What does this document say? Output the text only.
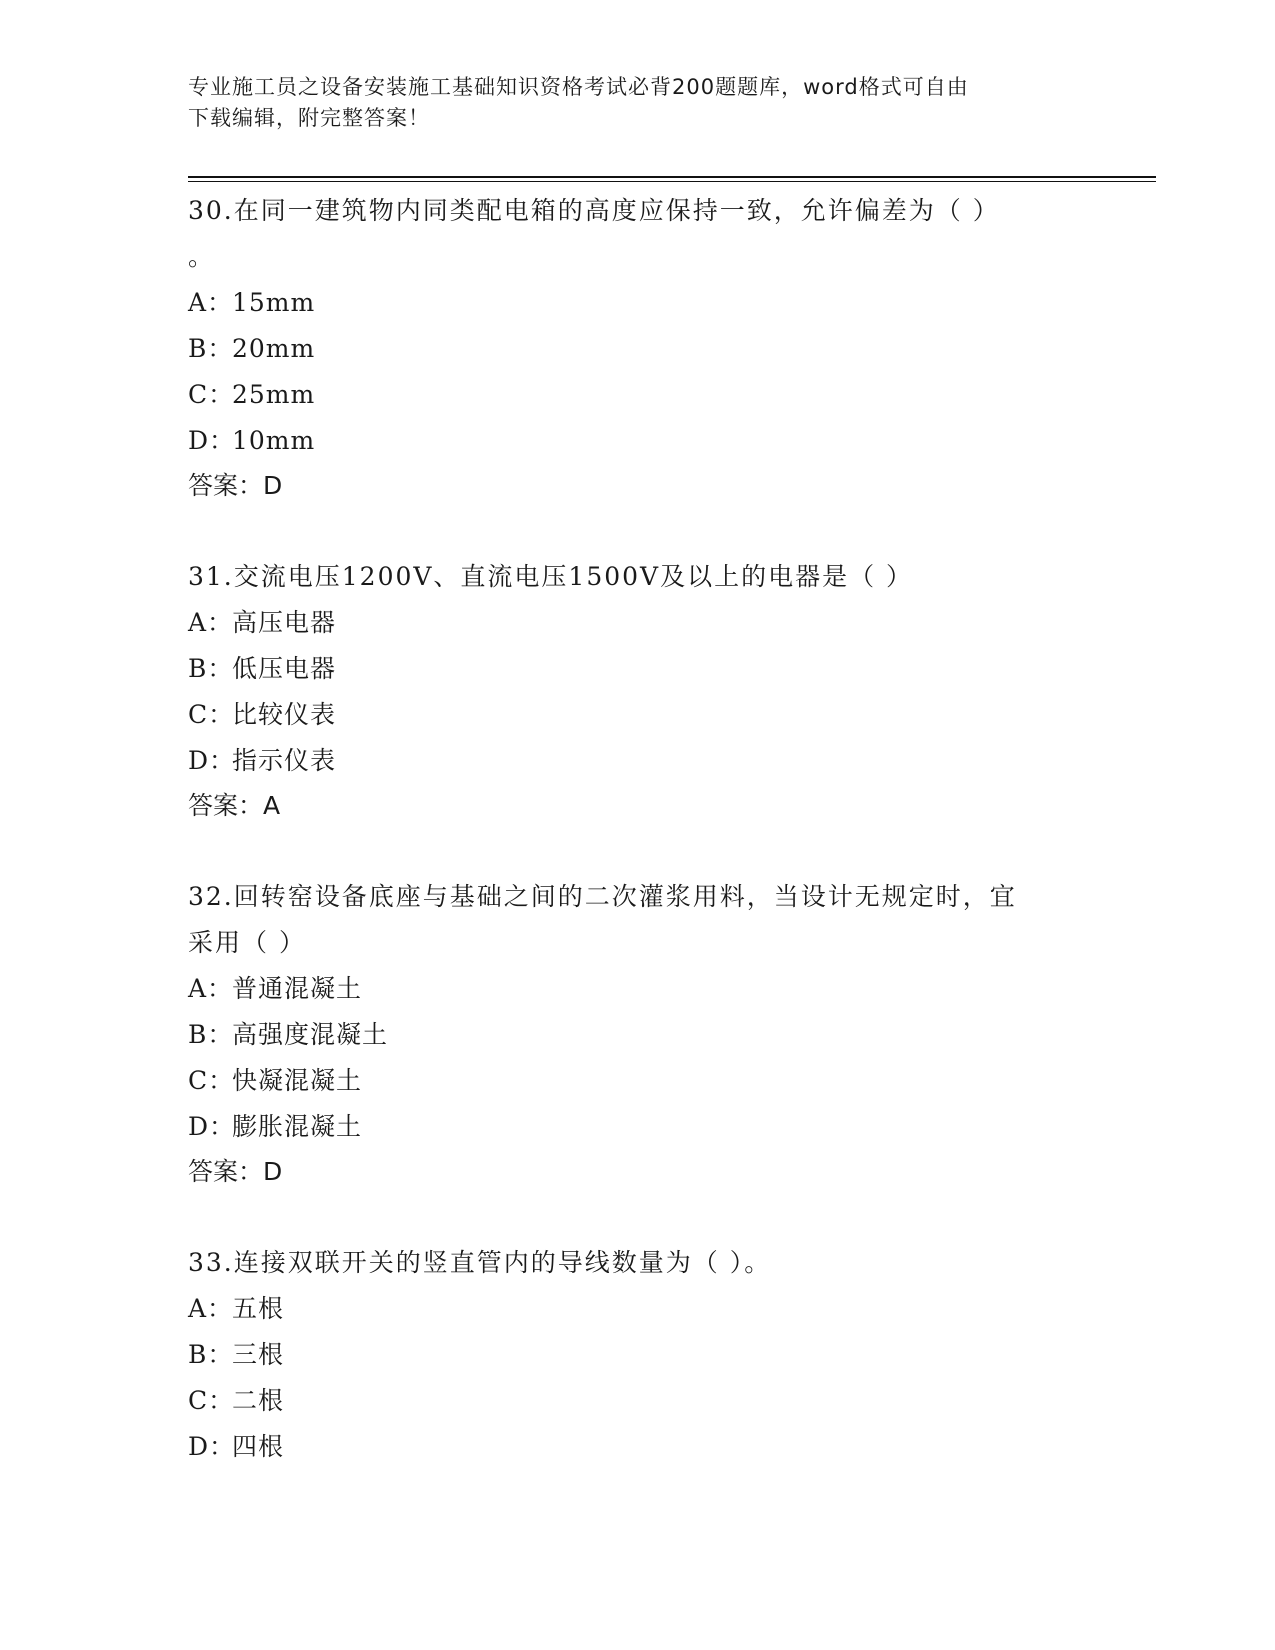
专业施工员之设备安装施工基础知识资格考试必背200题题库，word格式可自由
下载编辑，附完整答案！

30.在同一建筑物内同类配电箱的高度应保持一致，允许偏差为（ ）

。

A：15mm

B：20mm

C：25mm

D：10mm

答案：D

31.交流电压1200V、直流电压1500V及以上的电器是（ ）

A：高压电器

B：低压电器

C：比较仪表

D：指示仪表

答案：A

32.回转窑设备底座与基础之间的二次灌浆用料，当设计无规定时，宜

采用（ ）

A：普通混凝土

B：高强度混凝土

C：快凝混凝土

D：膨胀混凝土

答案：D

33.连接双联开关的竖直管内的导线数量为（ ）。

A：五根

B：三根

C：二根

D：四根
